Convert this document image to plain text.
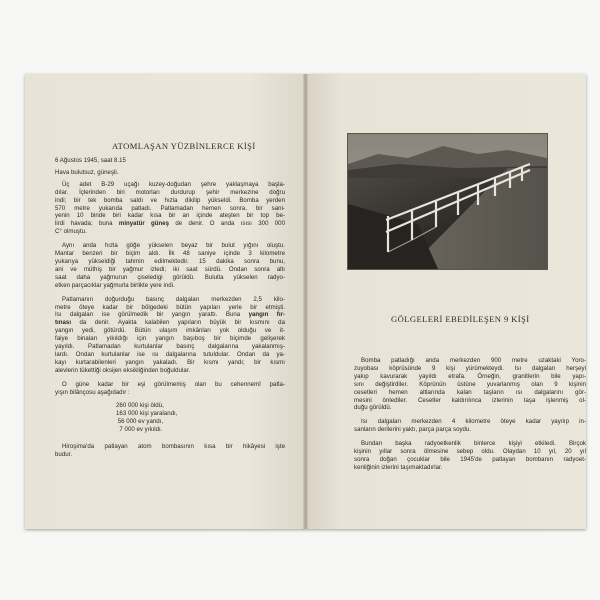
ATOMLAŞAN YÜZBİNLERCE KİŞİ
6 Ağustos 1945, saat 8.15
Hava bulutsuz, güneşli.
Üç adet B-29 uçağı kuzey-doğudan şehre yaklaşmaya başla-
dılar. İçlerinden biri motorları durdurup şehir merkezine doğru
indi; bir tek bomba saldı ve hızla dikilip yükseldi. Bomba yerden
570 metre yukarıda patladı. Patlamadan hemen sonra, bir sani-
yenin 10 binde biri kadar kısa bir an içinde ateşten bir top be-
lirdi havada; buna minyatür güneş de denir. O anda ısısı 300 000
C° olmuştu.
Aynı anda hızla göğe yükselen beyaz bir bulut yığını oluştu.
Mantar benzeri bir biçim aldı. İlk 48 saniye içinde 3 kilometre
yukarıya yükseldiği tahmin edilmektedir. 15 dakika sonra bunu,
ani ve müthiş bir yağmur izledi; iki saat sürdü. Ondan sonra altı
saat daha yağmurun çiseledigi görüldü. Bulutla yükselen radyo-
etken parçacıklar yağmurla birlikte yere indi.
Patlamanın doğurduğu basınç dalgaları merkezden 2,5 kilo-
metre öteye kadar bir bölgedeki bütün yapıları yerle bir etmişti.
Isı dalgaları ise görülmedik bir yangın yarattı. Buna yangın fır-
tınası da denir. Ayakta kalabilen yapıların büyük bir kısmını da
yangın yedi, götürdü. Bütün ulaşım imkânları yok olduğu ve it-
faiye binaları yıkıldığı için yangın başıboş bir biçimde gelişerek
yayıldı. Patlamadan kurtulanlar basınç dalgalarına yakalanmış-
lardı. Ondan kurtulanlar ise ısı dalgalarına tutuldular. Ondan da ya-
kayı kurtarabilenleri yangın yakaladı. Bir kısmı yandı; bir kısmı
alevlerin tükettiği oksijen eksikliğinden boğuldular.
O güne kadar bir eşi görülmemiş olan bu cehennemî patla-
yışın bilânçosu aşağıdadır :
260 000 kişi öldü,
163 000 kişi yaralandı,
56 000 ev yandı,
7 000 ev yıkıldı.
Hiroşima'da patlayan atom bombasının kısa bir hikâyesi işte
budur.
GÖLGELERİ EBEDİLEŞEN 9 KİŞİ
Bomba patladığı anda merkezden 900 metre uzaktaki Yoro-
zuyobası köprüsünde 9 kişi yürümekteydi. Isı dalgaları herşeyi
yakıp kavurarak yayıldı etrafa. Örneğin, granitlerin bile yapı-
sını değiştirdiler. Köprünün üstüne yuvarlanmış olan 9 kişinin
cesetleri hemen altlarında kalan taşların ısı dalgalarını gör-
mesini önlediler. Cesetler kaldırılınca izlerinin taşa işlenmiş ol-
duğu görüldü.
Isı dalgaları merkezden 4 kilometre öteye kadar yayılıp in-
sanların derilerini yaktı, parça parça soydu.
Bundan başka radyoetkenlik binlerce kişiyi etkiledi. Birçok
kişinin yıllar sonra ölmesine sebep oldu. Olaydan 10 yıl, 20 yıl
sonra doğan çocuklar bile 1945'de patlayan bombanın radyoet-
kenliğinin izlerini taşımaktadırlar.
